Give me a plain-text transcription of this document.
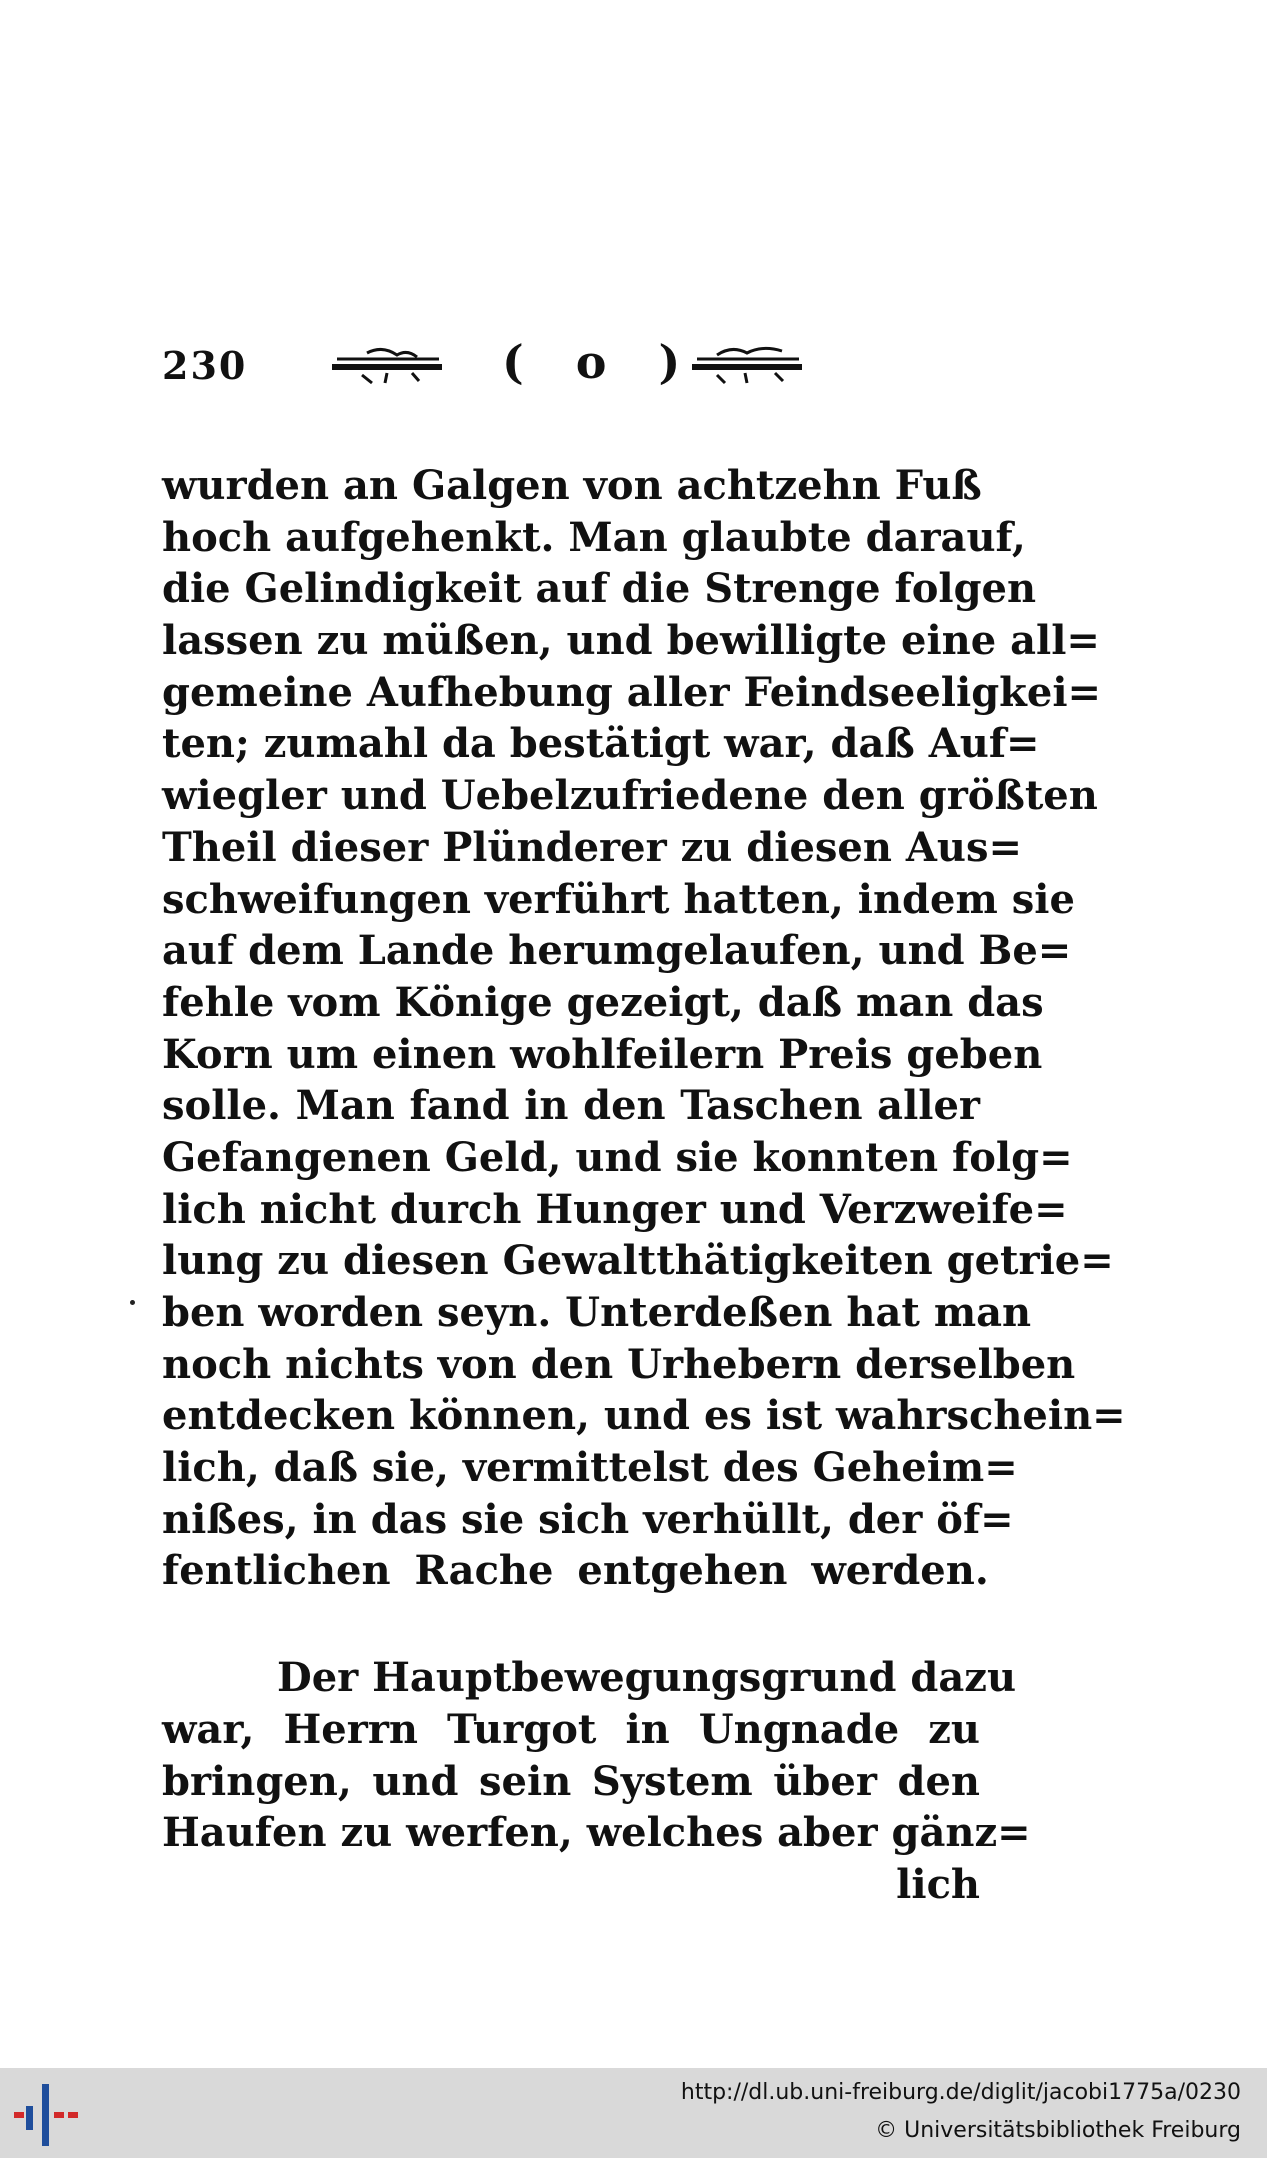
230	( o )
wurden an Galgen von achtzehn Fuß
hoch aufgehenkt. Man glaubte darauf,
die Gelindigkeit auf die Strenge folgen
lassen zu müßen, und bewilligte eine all=
gemeine Aufhebung aller Feindseeligkei=
ten; zumahl da bestätigt war, daß Auf=
wiegler und Uebelzufriedene den größten
Theil dieser Plünderer zu diesen Aus=
schweifungen verführt hatten, indem sie
auf dem Lande herumgelaufen, und Be=
fehle vom Könige gezeigt, daß man das
Korn um einen wohlfeilern Preis geben
solle. Man fand in den Taschen aller
Gefangenen Geld, und sie konnten folg=
lich nicht durch Hunger und Verzweife=
lung zu diesen Gewaltthätigkeiten getrie=
ben worden seyn. Unterdeßen hat man
noch nichts von den Urhebern derselben
entdecken können, und es ist wahrschein=
lich, daß sie, vermittelst des Geheim=
nißes, in das sie sich verhüllt, der öf=
fentlichen Rache entgehen werden.
Der Hauptbewegungsgrund dazu
war, Herrn Turgot in Ungnade zu
bringen, und sein System über den
Haufen zu werfen, welches aber gänz=
lich
http://dl.ub.uni-freiburg.de/diglit/jacobi1775a/0230
© Universitätsbibliothek Freiburg
